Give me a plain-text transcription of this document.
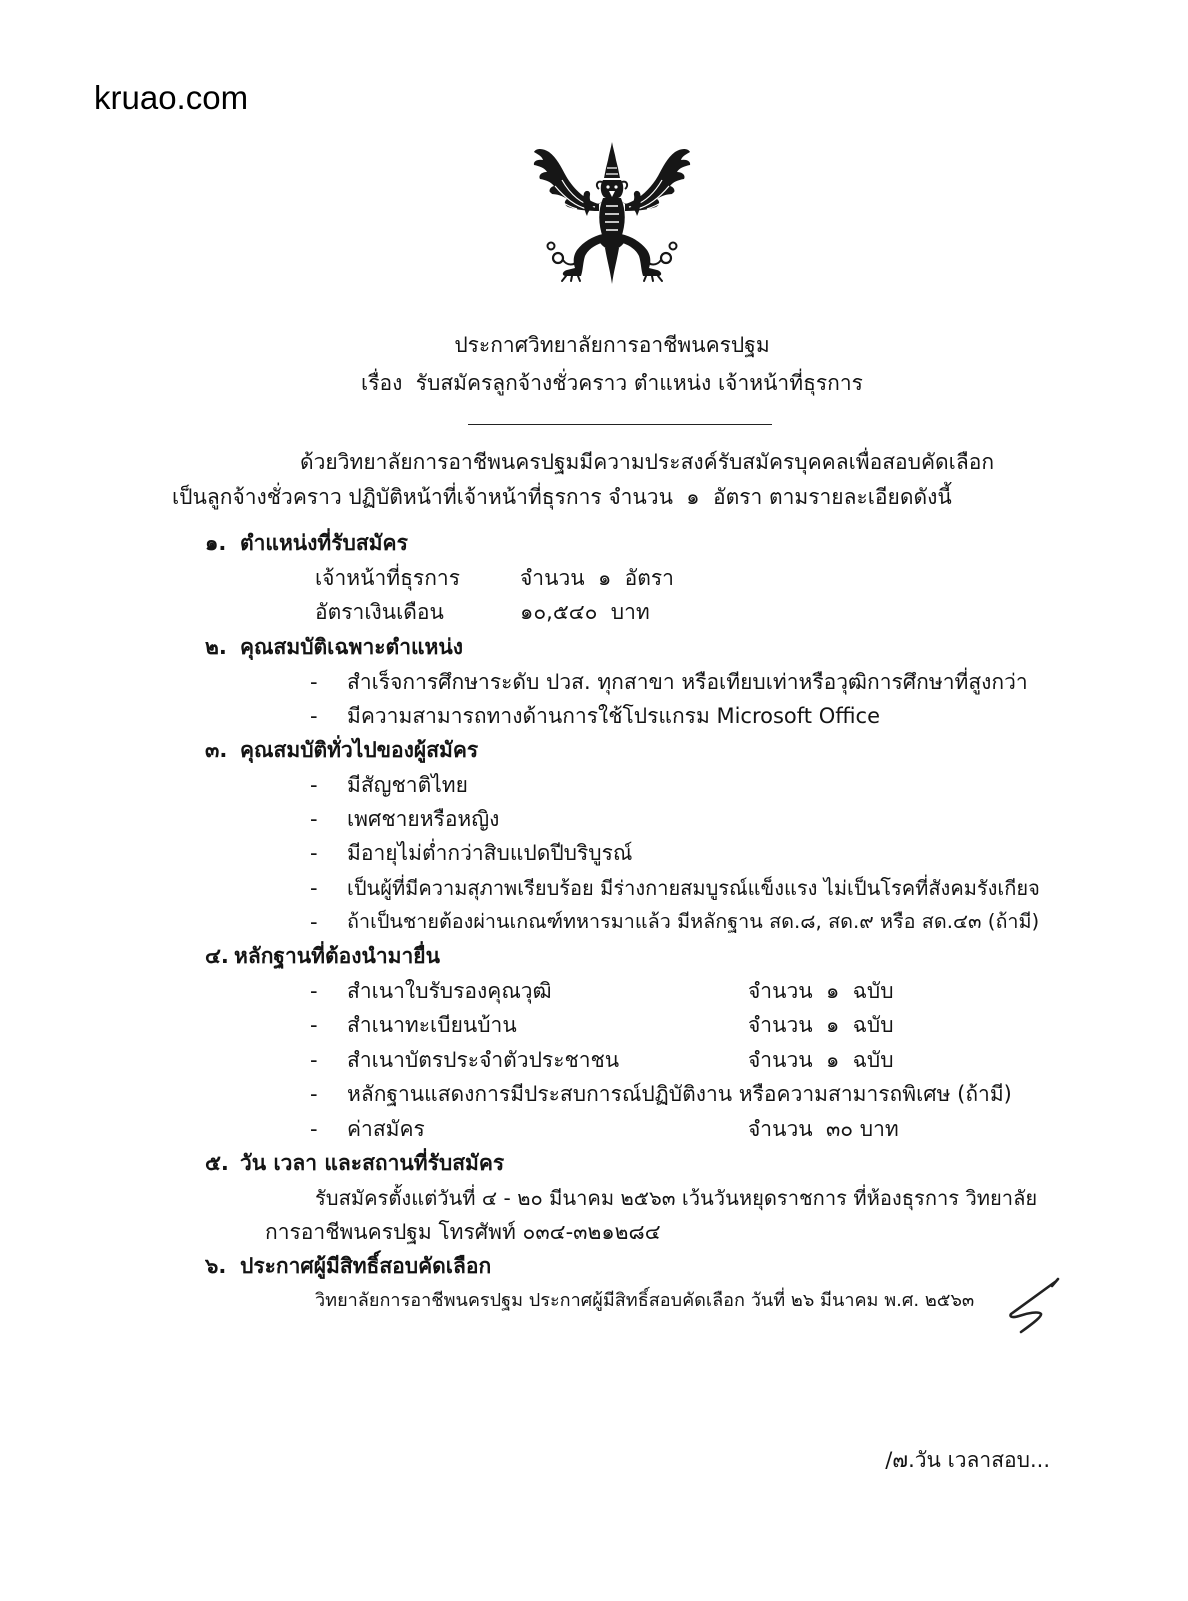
kruao.com
ประกาศวิทยาลัยการอาชีพนครปฐม
เรื่อง  รับสมัครลูกจ้างชั่วคราว ตำแหน่ง เจ้าหน้าที่ธุรการ
ด้วยวิทยาลัยการอาชีพนครปฐมมีความประสงค์รับสมัครบุคคลเพื่อสอบคัดเลือก
เป็นลูกจ้างชั่วคราว ปฏิบัติหน้าที่เจ้าหน้าที่ธุรการ จำนวน  ๑  อัตรา ตามรายละเอียดดังนี้
๑. ตำแหน่งที่รับสมัคร
เจ้าหน้าที่ธุรการ	จำนวน  ๑  อัตรา
อัตราเงินเดือน	๑๐,๕๔๐  บาท
๒. คุณสมบัติเฉพาะตำแหน่ง
-	สำเร็จการศึกษาระดับ ปวส. ทุกสาขา หรือเทียบเท่าหรือวุฒิการศึกษาที่สูงกว่า
-	มีความสามารถทางด้านการใช้โปรแกรม Microsoft Office
๓. คุณสมบัติทั่วไปของผู้สมัคร
-	มีสัญชาติไทย
-	เพศชายหรือหญิง
-	มีอายุไม่ต่ำกว่าสิบแปดปีบริบูรณ์
-	เป็นผู้ที่มีความสุภาพเรียบร้อย มีร่างกายสมบูรณ์แข็งแรง ไม่เป็นโรคที่สังคมรังเกียจ
-	ถ้าเป็นชายต้องผ่านเกณฑ์ทหารมาแล้ว มีหลักฐาน สด.๘, สด.๙ หรือ สด.๔๓ (ถ้ามี)
๔. หลักฐานที่ต้องนำมายื่น
-	สำเนาใบรับรองคุณวุฒิ	จำนวน  ๑  ฉบับ
-	สำเนาทะเบียนบ้าน	จำนวน  ๑  ฉบับ
-	สำเนาบัตรประจำตัวประชาชน	จำนวน  ๑  ฉบับ
-	หลักฐานแสดงการมีประสบการณ์ปฏิบัติงาน หรือความสามารถพิเศษ (ถ้ามี)
-	ค่าสมัคร	จำนวน  ๓๐ บาท
๕. วัน เวลา และสถานที่รับสมัคร
รับสมัครตั้งแต่วันที่ ๔ - ๒๐ มีนาคม ๒๕๖๓ เว้นวันหยุดราชการ ที่ห้องธุรการ วิทยาลัย
การอาชีพนครปฐม โทรศัพท์ ๐๓๔-๓๒๑๒๘๔
๖. ประกาศผู้มีสิทธิ์สอบคัดเลือก
วิทยาลัยการอาชีพนครปฐม ประกาศผู้มีสิทธิ์สอบคัดเลือก วันที่ ๒๖ มีนาคม พ.ศ. ๒๕๖๓
/๗.วัน เวลาสอบ...
